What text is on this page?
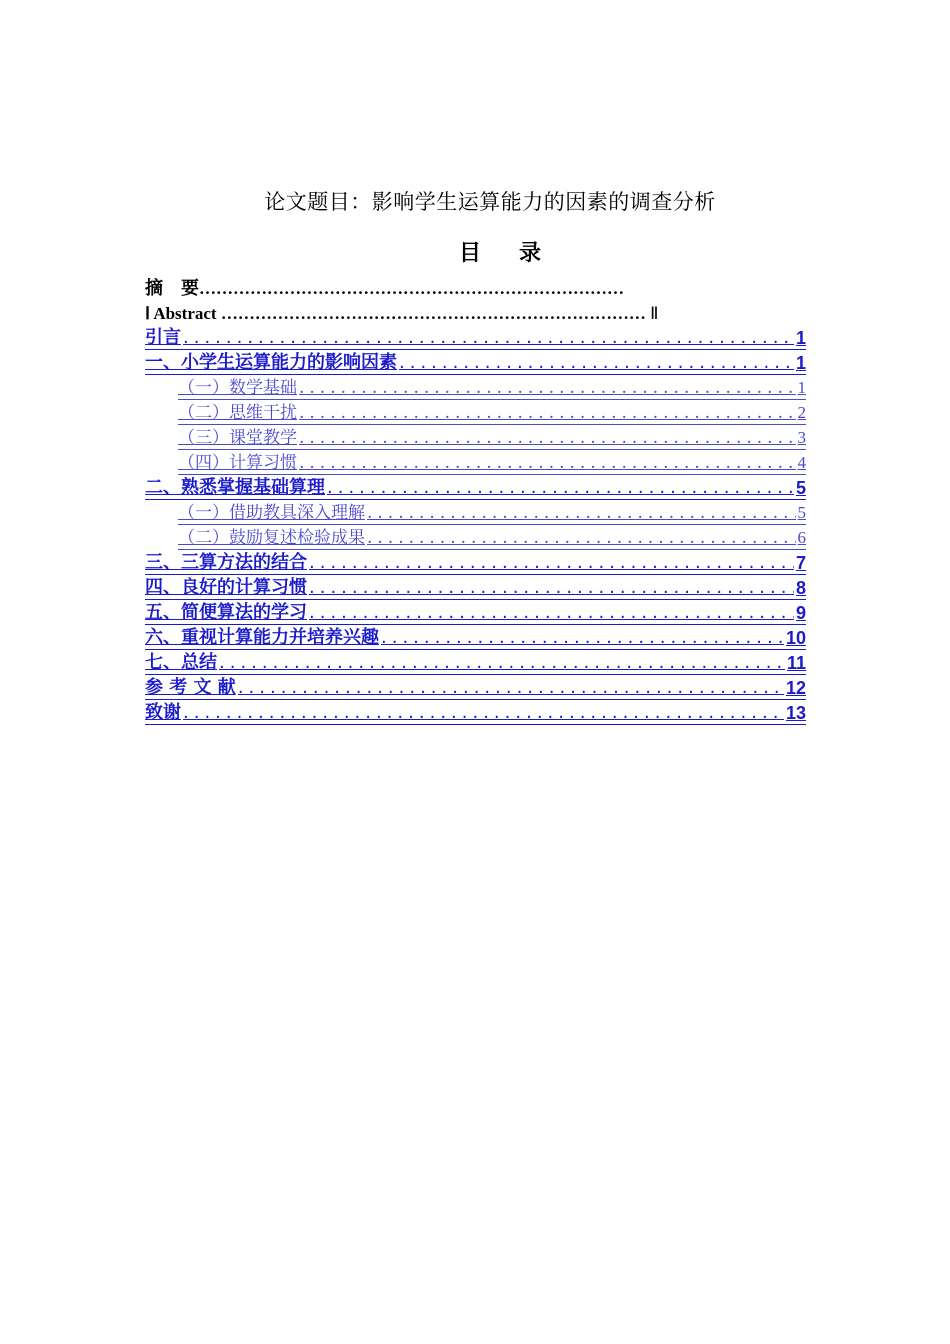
论文题目：影响学生运算能力的因素的调查分析
目 录
摘　要…………………………………………………………………
Ⅰ Abstract ………………………………………………………………… Ⅱ
引言 .....	1
一、小学生运算能力的影响因素 .....	1
（一）数学基础 .....	1
（二）思维干扰 .....	2
（三）课堂教学 .....	3
（四）计算习惯 .....	4
二、熟悉掌握基础算理 .....	5
（一）借助教具深入理解 .....	5
（二）鼓励复述检验成果 .....	6
三、三算方法的结合 .....	7
四、良好的计算习惯 .....	8
五、简便算法的学习 .....	9
六、重视计算能力并培养兴趣 .....	10
七、总结 .....	11
参 考 文 献 .....	12
致谢 .....	13
